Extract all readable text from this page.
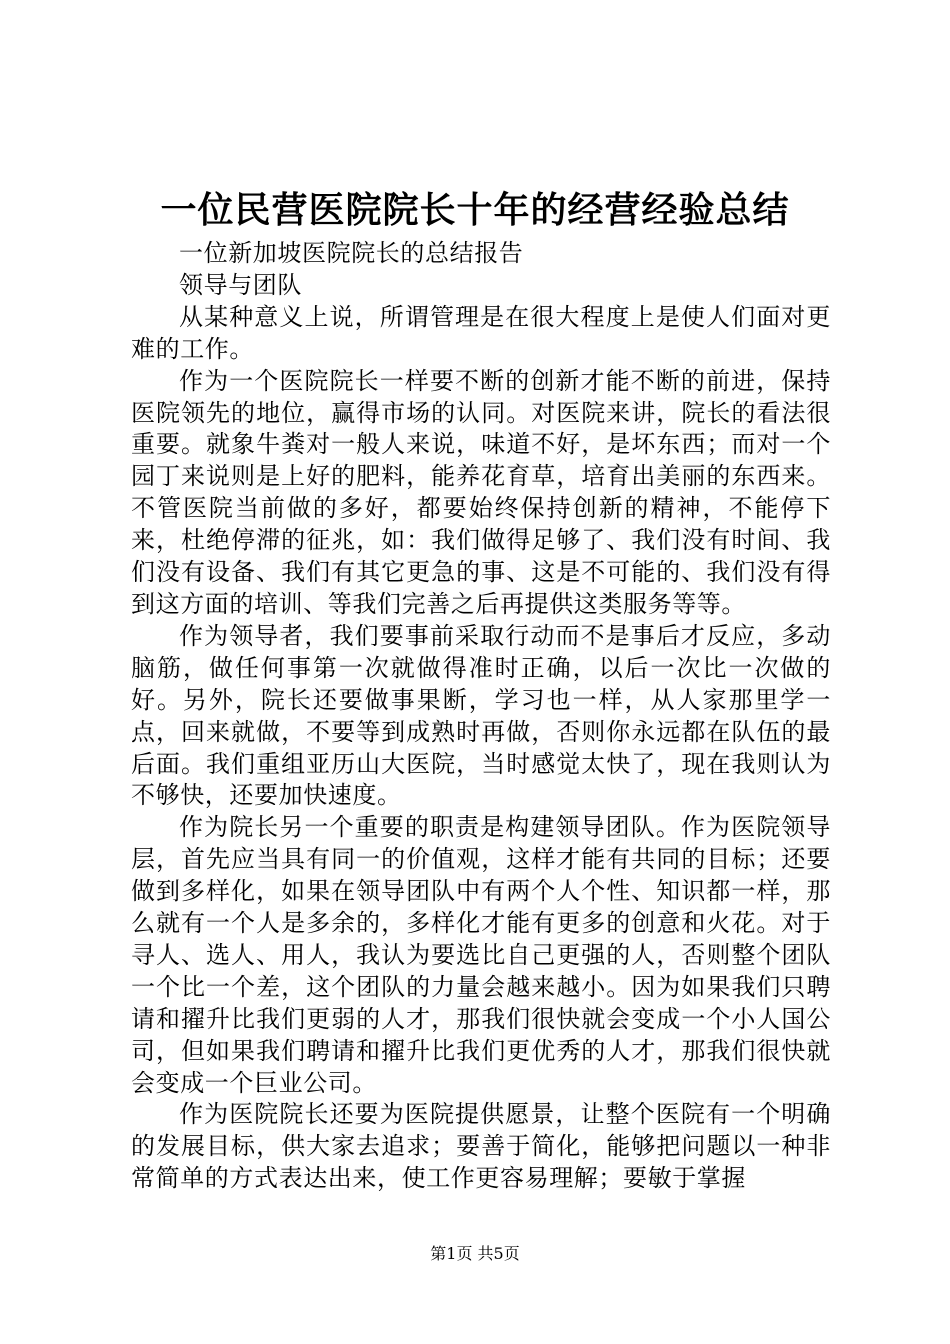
一位民营医院院长十年的经营经验总结

一位新加坡医院院长的总结报告

领导与团队

从某种意义上说，所谓管理是在很大程度上是使人们面对更难的工作。

作为一个医院院长一样要不断的创新才能不断的前进，保持医院领先的地位，赢得市场的认同。对医院来讲，院长的看法很重要。就象牛粪对一般人来说，味道不好，是坏东西；而对一个园丁来说则是上好的肥料，能养花育草，培育出美丽的东西来。不管医院当前做的多好，都要始终保持创新的精神，不能停下来，杜绝停滞的征兆，如：我们做得足够了、我们没有时间、我们没有设备、我们有其它更急的事、这是不可能的、我们没有得到这方面的培训、等我们完善之后再提供这类服务等等。

作为领导者，我们要事前采取行动而不是事后才反应，多动脑筋，做任何事第一次就做得准时正确，以后一次比一次做的好。另外，院长还要做事果断，学习也一样，从人家那里学一点，回来就做，不要等到成熟时再做，否则你永远都在队伍的最后面。我们重组亚历山大医院，当时感觉太快了，现在我则认为不够快，还要加快速度。

作为院长另一个重要的职责是构建领导团队。作为医院领导层，首先应当具有同一的价值观，这样才能有共同的目标；还要做到多样化，如果在领导团队中有两个人个性、知识都一样，那么就有一个人是多余的，多样化才能有更多的创意和火花。对于寻人、选人、用人，我认为要选比自己更强的人，否则整个团队一个比一个差，这个团队的力量会越来越小。因为如果我们只聘请和擢升比我们更弱的人才，那我们很快就会变成一个小人国公司，但如果我们聘请和擢升比我们更优秀的人才，那我们很快就会变成一个巨业公司。

作为医院院长还要为医院提供愿景，让整个医院有一个明确的发展目标，供大家去追求；要善于简化，能够把问题以一种非常简单的方式表达出来，使工作更容易理解；要敏于掌握

第1页 共5页
